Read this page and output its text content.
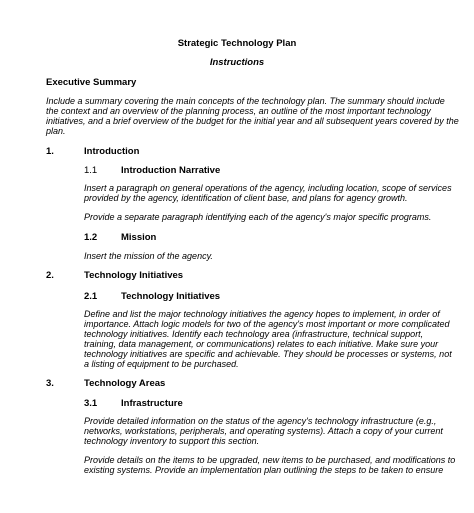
Strategic Technology Plan
Instructions
Executive Summary
Include a summary covering the main concepts of the technology plan. The summary should include
the context and an overview of the planning process, an outline of the most important technology
initiatives, and a brief overview of the budget for the initial year and all subsequent years covered by the
plan.
1.	Introduction
1.1	Introduction Narrative
Insert a paragraph on general operations of the agency, including location, scope of services
provided by the agency, identification of client base, and plans for agency growth.
Provide a separate paragraph identifying each of the agency's major specific programs.
1.2	Mission
Insert the mission of the agency.
2.	Technology Initiatives
2.1	Technology Initiatives
Define and list the major technology initiatives the agency hopes to implement, in order of
importance. Attach logic models for two of the agency's most important or more complicated
technology initiatives. Identify each technology area (infrastructure, technical support,
training, data management, or communications) relates to each initiative. Make sure your
technology initiatives are specific and achievable. They should be processes or systems, not
a listing of equipment to be purchased.
3.	Technology Areas
3.1	Infrastructure
Provide detailed information on the status of the agency's technology infrastructure (e.g.,
networks, workstations, peripherals, and operating systems). Attach a copy of your current
technology inventory to support this section.
Provide details on the items to be upgraded, new items to be purchased, and modifications to
existing systems. Provide an implementation plan outlining the steps to be taken to ensure
